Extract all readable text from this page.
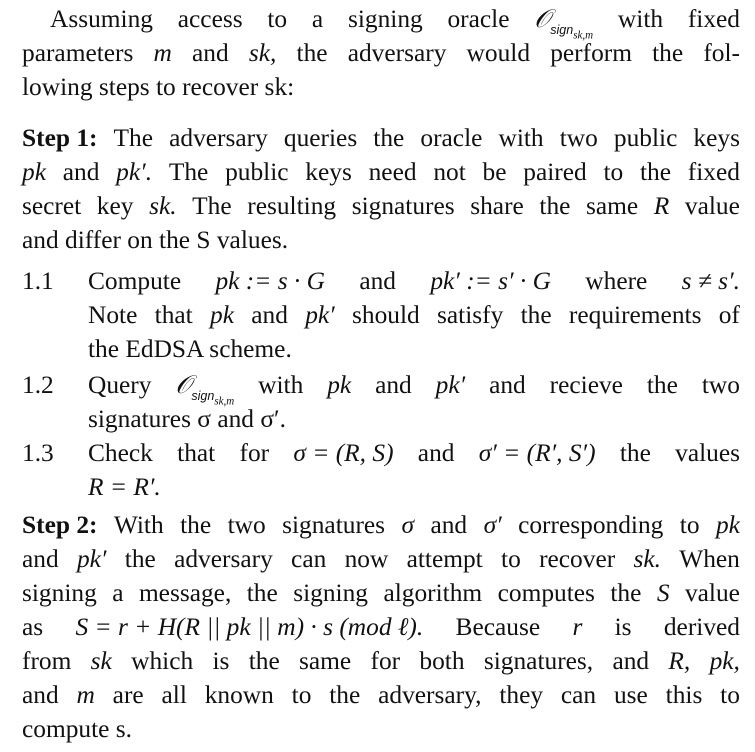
Assuming access to a signing oracle 𝒪$_{sign_{sk,m}}$
with fixed
parameters m and sk, the adversary would perform the fol-
lowing steps to recover sk:
Step 1: The adversary queries the oracle with two public keys
pk and pk′. The public keys need not be paired to the fixed
secret key sk. The resulting signatures share the same R value
and differ on the S values.
1.1 Compute pk := s · G and pk′ := s′ · G where s ≠ s′.
Note that pk and pk′ should satisfy the requirements of
the EdDSA scheme.
1.2 Query 𝒪$_{sign_{sk,m}}$
with pk and pk′ and recieve the two
signatures σ and σ′.
1.3 Check that for σ = (R, S) and σ′ = (R′, S′) the values
R = R′.
Step 2: With the two signatures σ and σ′ corresponding to pk
and pk′ the adversary can now attempt to recover sk. When
signing a message, the signing algorithm computes the S value
as S = r + H(R || pk || m) · s (mod ℓ). Because r is derived
from sk which is the same for both signatures, and R, pk,
and m are all known to the adversary, they can use this to
compute s.
